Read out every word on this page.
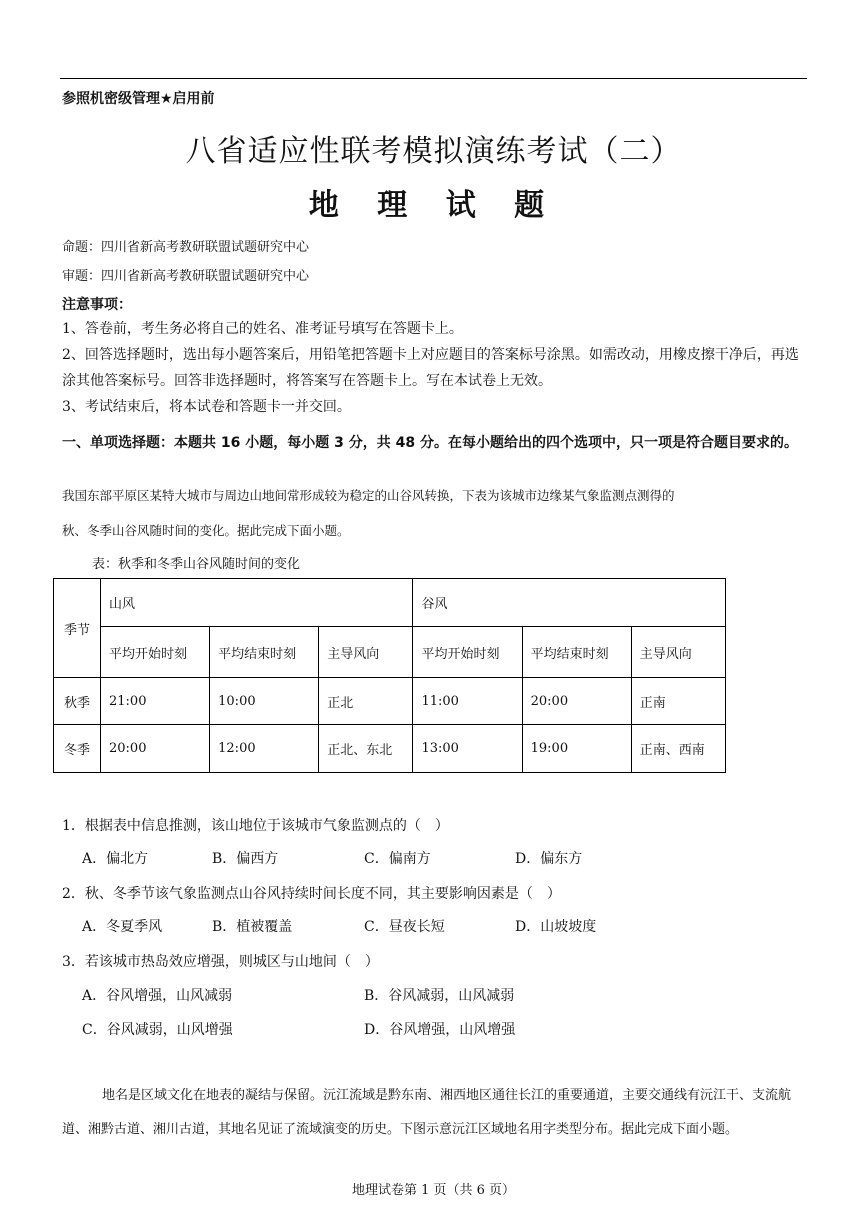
参照机密级管理★启用前
八省适应性联考模拟演练考试（二）
地 理 试 题
命题：四川省新高考教研联盟试题研究中心
审题：四川省新高考教研联盟试题研究中心
注意事项：
1、答卷前，考生务必将自己的姓名、准考证号填写在答题卡上。
2、回答选择题时，选出每小题答案后，用铅笔把答题卡上对应题目的答案标号涂黑。如需改动，用橡皮擦干净后，再选涂其他答案标号。回答非选择题时，将答案写在答题卡上。写在本试卷上无效。
3、考试结束后，将本试卷和答题卡一并交回。
一、单项选择题：本题共 16 小题，每小题 3 分，共 48 分。在每小题给出的四个选项中，只一项是符合题目要求的。
我国东部平原区某特大城市与周边山地间常形成较为稳定的山谷风转换，下表为该城市边缘某气象监测点测得的
秋、冬季山谷风随时间的变化。据此完成下面小题。
表：秋季和冬季山谷风随时间的变化
季节	山风			谷风		
	平均开始时刻	平均结束时刻	主导风向	平均开始时刻	平均结束时刻	主导风向
秋季	21:00	10:00	正北	11:00	20:00	正南
冬季	20:00	12:00	正北、东北	13:00	19:00	正南、西南
1．根据表中信息推测，该山地位于该城市气象监测点的（　）
A．偏北方	B．偏西方	C．偏南方	D．偏东方
2．秋、冬季节该气象监测点山谷风持续时间长度不同，其主要影响因素是（　）
A．冬夏季风	B．植被覆盖	C．昼夜长短	D．山坡坡度
3．若该城市热岛效应增强，则城区与山地间（　）
A．谷风增强，山风减弱	B．谷风减弱，山风减弱
C．谷风减弱，山风增强	D．谷风增强，山风增强
地名是区域文化在地表的凝结与保留。沅江流域是黔东南、湘西地区通往长江的重要通道，主要交通线有沅江干、支流航道、湘黔古道、湘川古道，其地名见证了流域演变的历史。下图示意沅江区域地名用字类型分布。据此完成下面小题。
地理试卷第 1 页（共 6 页）
